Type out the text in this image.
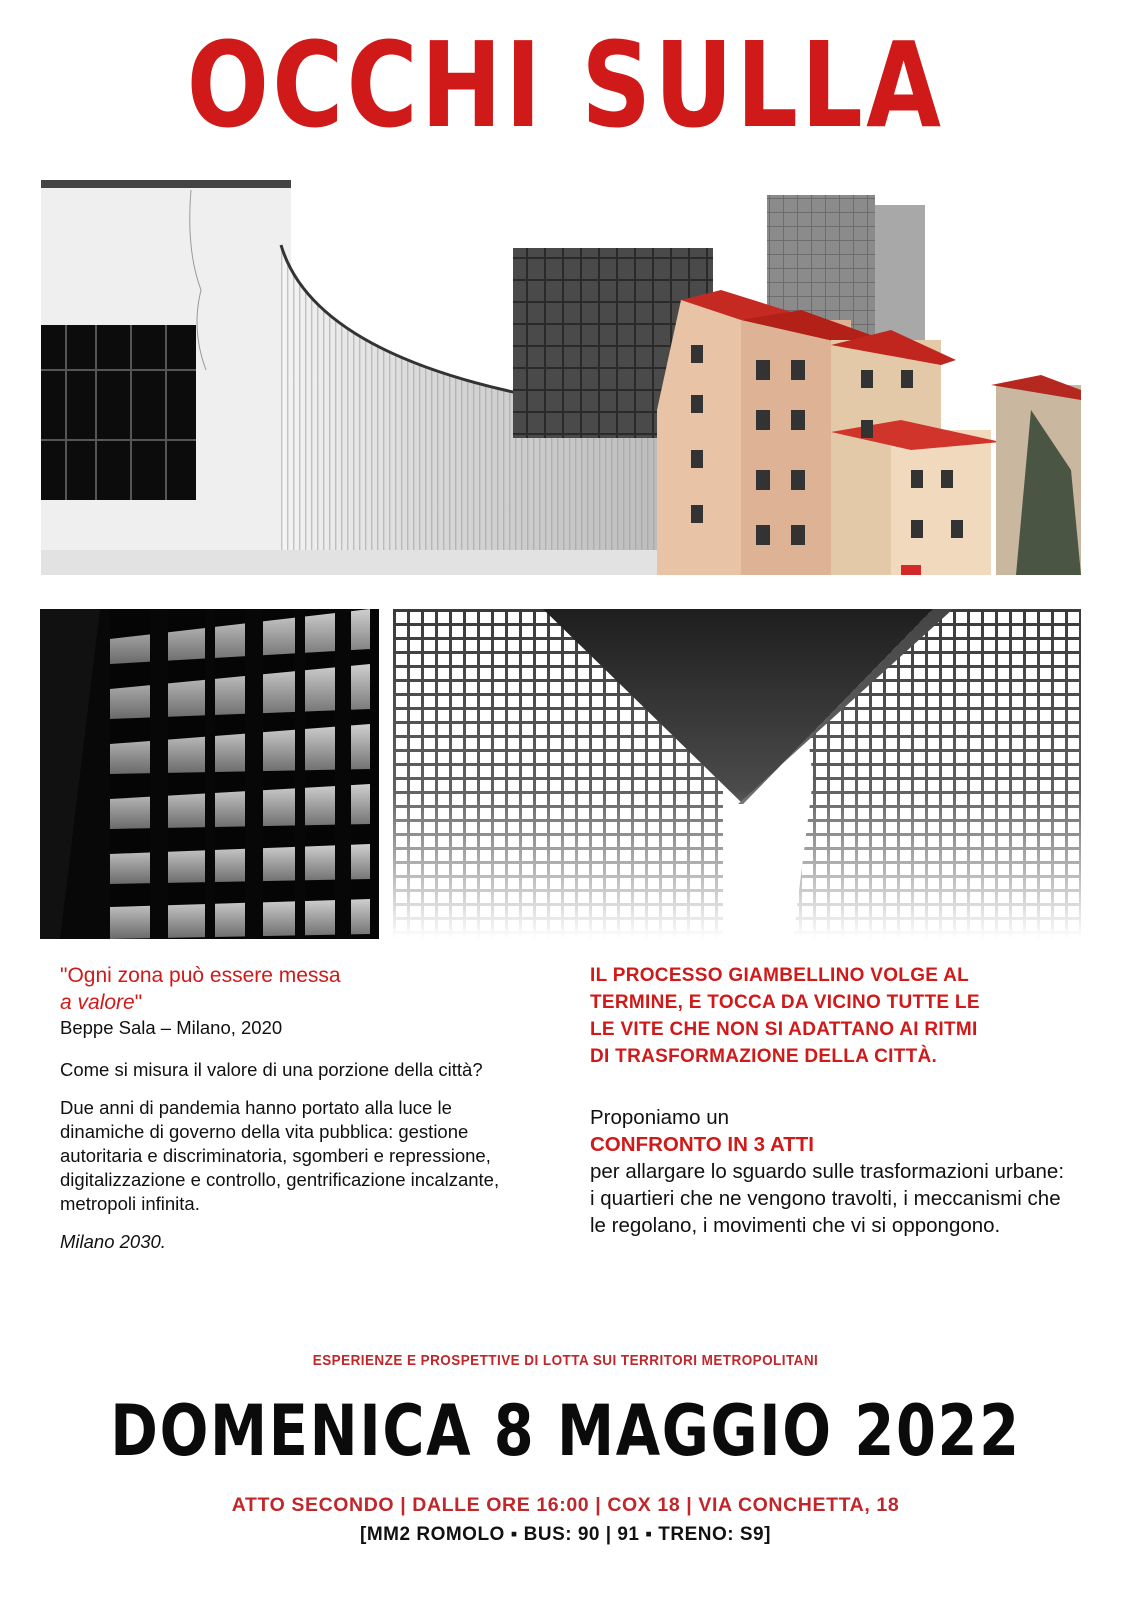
OCCHI SULLA
"Ogni zona può essere messa
a valore"
Beppe Sala – Milano, 2020
Come si misura il valore di una porzione della città?
Due anni di pandemia hanno portato alla luce le dinamiche di governo della vita pubblica: gestione autoritaria e discriminatoria, sgomberi e repressione, digitalizzazione e controllo, gentrificazione incalzante, metropoli infinita.
Milano 2030.
IL PROCESSO GIAMBELLINO VOLGE AL
TERMINE, E TOCCA DA VICINO TUTTE LE
LE VITE CHE NON SI ADATTANO AI RITMI
DI TRASFORMAZIONE DELLA CITTÀ.
Proponiamo un
CONFRONTO IN 3 ATTI
per allargare lo sguardo sulle trasformazioni urbane: i quartieri che ne vengono travolti, i meccanismi che le regolano, i movimenti che vi si oppongono.
ESPERIENZE E PROSPETTIVE DI LOTTA SUI TERRITORI METROPOLITANI
DOMENICA 8 MAGGIO 2022
ATTO SECONDO | DALLE ORE 16:00 | COX 18 | VIA CONCHETTA, 18
[MM2 ROMOLO ▪ BUS: 90 | 91 ▪ TRENO: S9]
